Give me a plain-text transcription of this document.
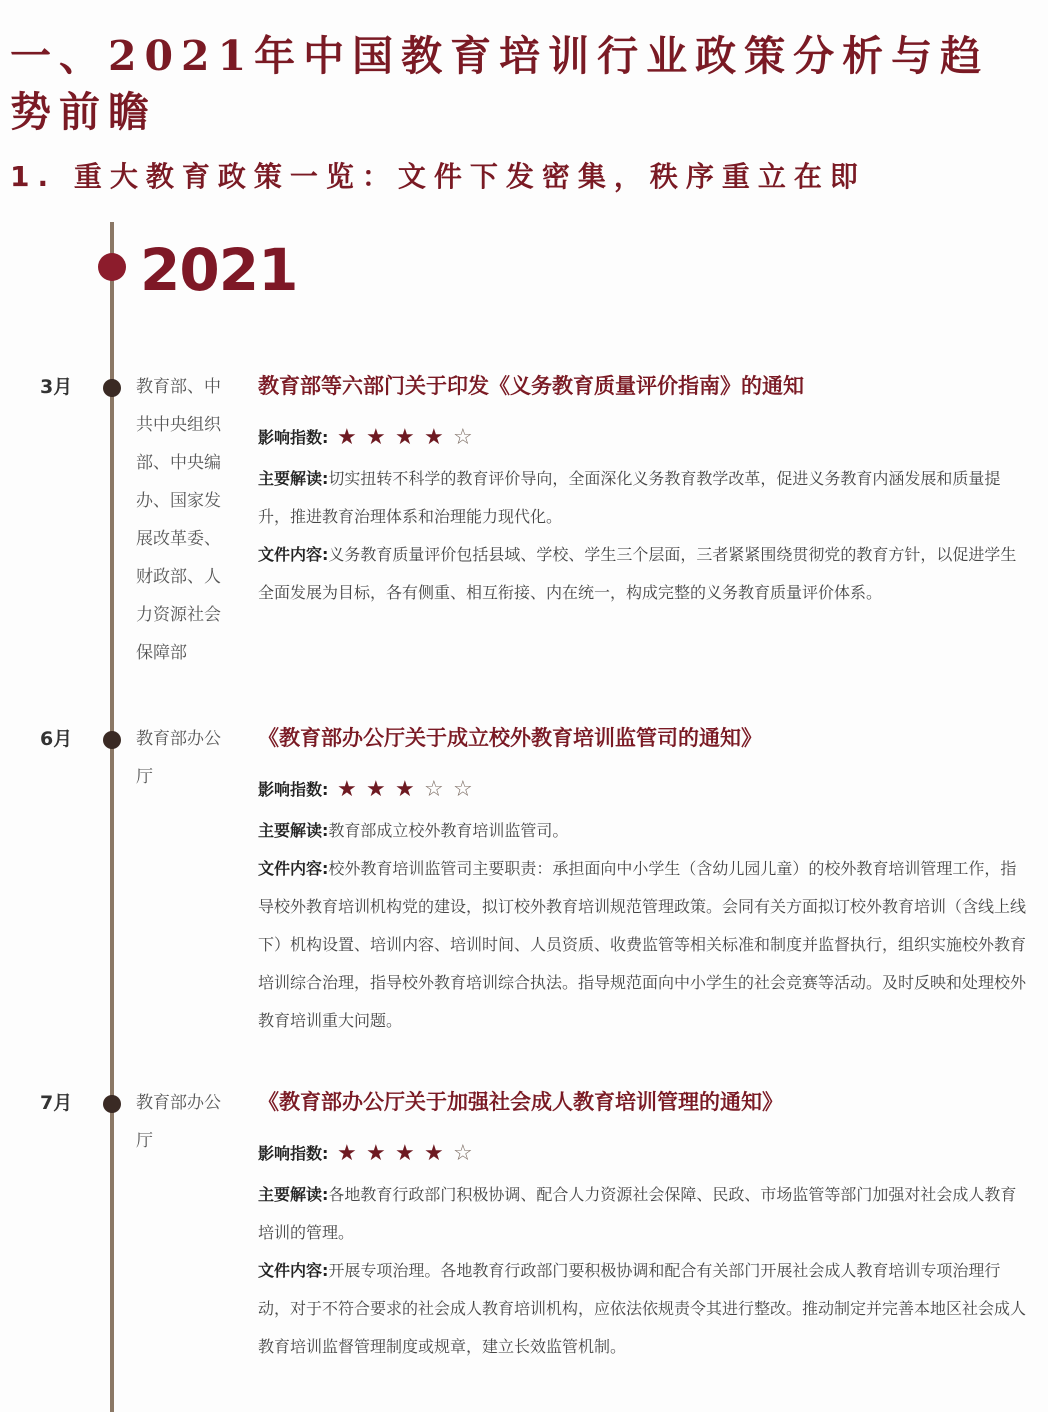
一、2021年中国教育培训行业政策分析与趋势前瞻
1. 重大教育政策一览：文件下发密集，秩序重立在即
2021
3月	教育部、中共中央组织部、中央编办、国家发展改革委、财政部、人力资源社会保障部
教育部等六部门关于印发《义务教育质量评价指南》的通知
影响指数: ★ ★ ★ ★ ☆

主要解读:切实扭转不科学的教育评价导向，全面深化义务教育教学改革，促进义务教育内涵发展和质量提升，推进教育治理体系和治理能力现代化。

文件内容:义务教育质量评价包括县域、学校、学生三个层面，三者紧紧围绕贯彻党的教育方针，以促进学生全面发展为目标，各有侧重、相互衔接、内在统一，构成完整的义务教育质量评价体系。

6月	教育部办公厅
《教育部办公厅关于成立校外教育培训监管司的通知》
影响指数: ★ ★ ★ ☆ ☆

主要解读:教育部成立校外教育培训监管司。

文件内容:校外教育培训监管司主要职责：承担面向中小学生（含幼儿园儿童）的校外教育培训管理工作，指导校外教育培训机构党的建设，拟订校外教育培训规范管理政策。会同有关方面拟订校外教育培训（含线上线下）机构设置、培训内容、培训时间、人员资质、收费监管等相关标准和制度并监督执行，组织实施校外教育培训综合治理，指导校外教育培训综合执法。指导规范面向中小学生的社会竞赛等活动。及时反映和处理校外教育培训重大问题。

7月	教育部办公厅
《教育部办公厅关于加强社会成人教育培训管理的通知》
影响指数: ★ ★ ★ ★ ☆

主要解读:各地教育行政部门积极协调、配合人力资源社会保障、民政、市场监管等部门加强对社会成人教育培训的管理。

文件内容:开展专项治理。各地教育行政部门要积极协调和配合有关部门开展社会成人教育培训专项治理行动，对于不符合要求的社会成人教育培训机构，应依法依规责令其进行整改。推动制定并完善本地区社会成人教育培训监督管理制度或规章，建立长效监管机制。
